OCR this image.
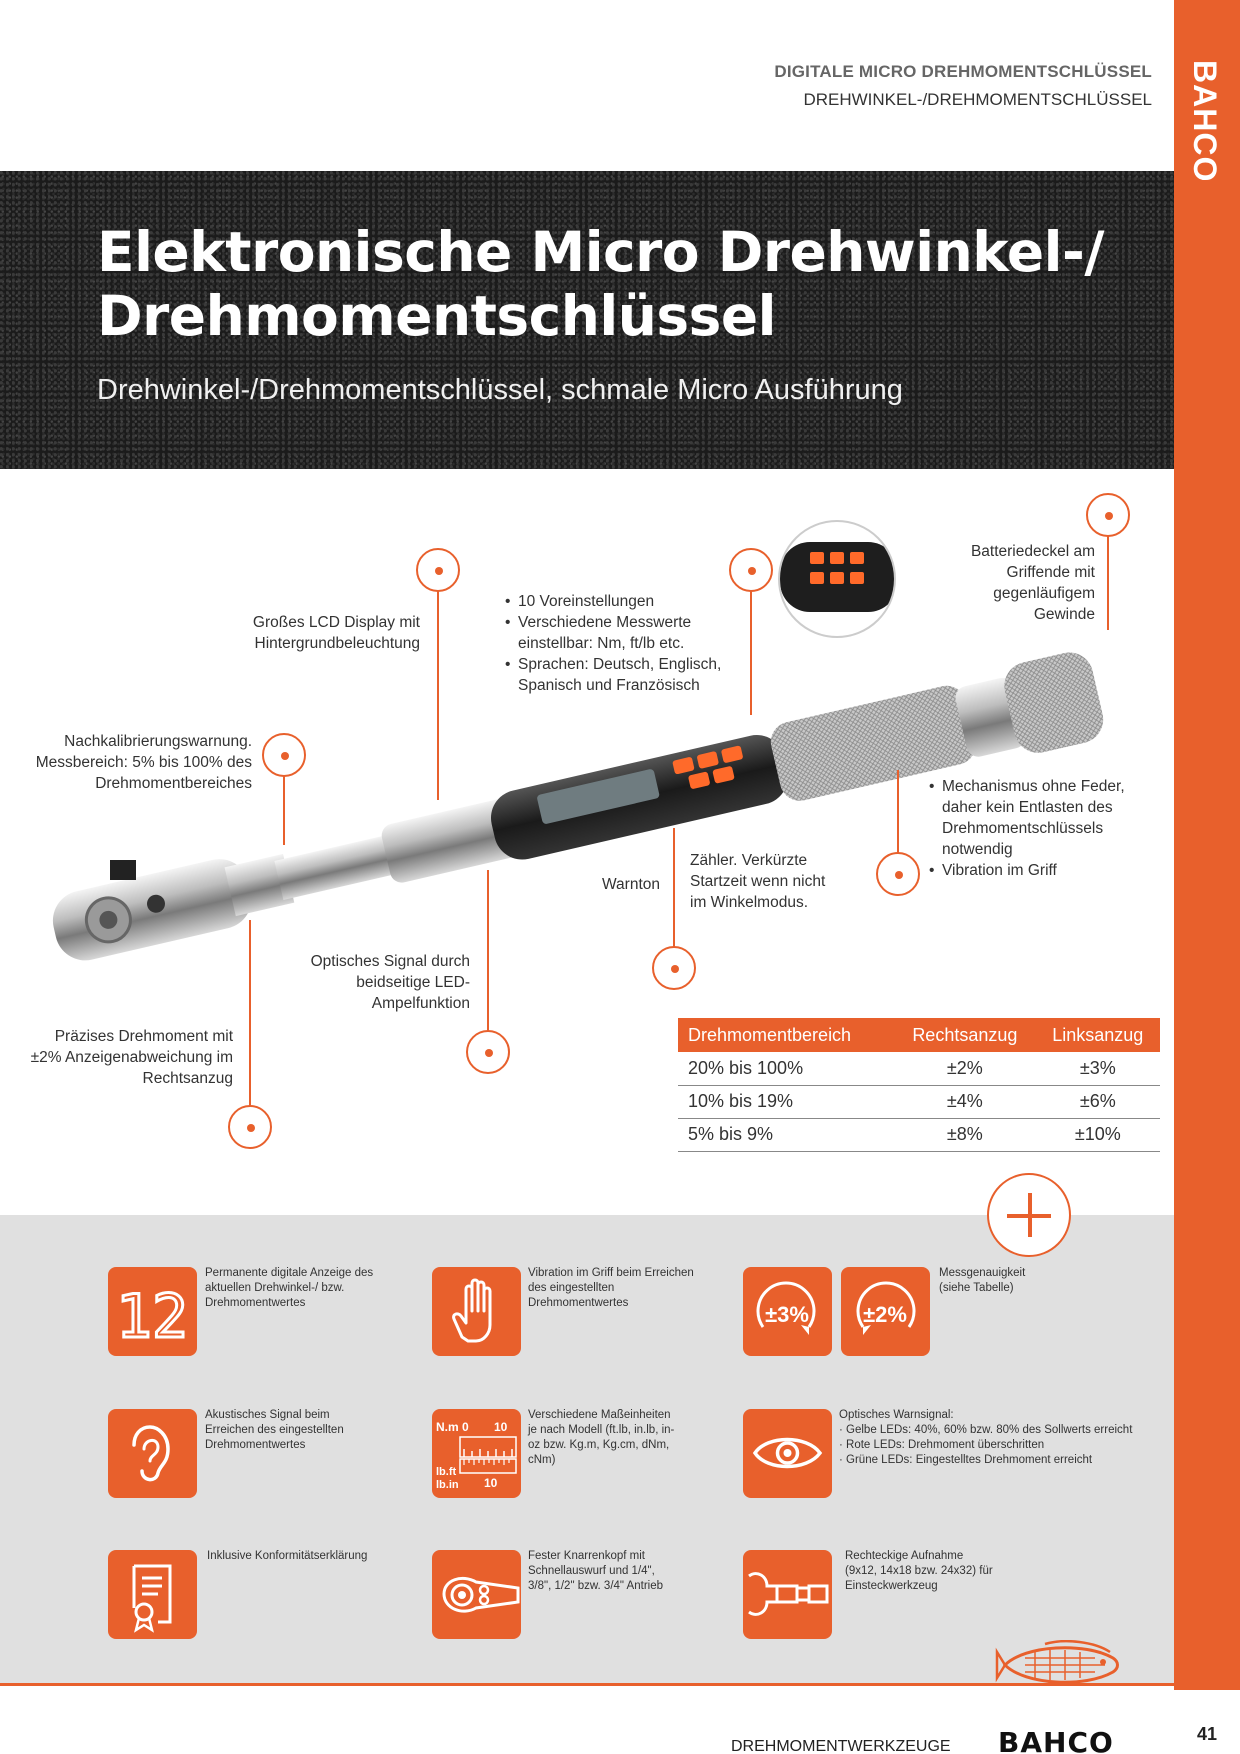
BAHCO
DIGITALE MICRO DREHMOMENTSCHLÜSSEL
DREHWINKEL-/DREHMOMENTSCHLÜSSEL
Elektronische Micro Drehwinkel-/ Drehmomentschlüssel
Drehwinkel-/Drehmomentschlüssel, schmale Micro Ausführung
Großes LCD Display mit Hintergrundbeleuchtung
• 10 Voreinstellungen
• Verschiedene Messwerte einstellbar: Nm, ft/lb etc.
• Sprachen: Deutsch, Englisch, Spanisch und Französisch
Batteriedeckel am Griffende mit gegenläufigem Gewinde
Nachkalibrierungswarnung. Messbereich: 5% bis 100% des Drehmomentbereiches	• Mechanismus ohne Feder, daher kein Entlasten des Drehmomentschlüssels notwendig
• Vibration im Griff
Zähler. Verkürzte Startzeit wenn nicht im Winkelmodus.
Warnton
Optisches Signal durch beidseitige LED-Ampelfunktion
Präzises Drehmoment mit ±2% Anzeigenabweichung im Rechtsanzug
Drehmomentbereich	Rechtsanzug	Linksanzug
20% bis 100%	±2%	±3%
10% bis 19%	±4%	±6%
5% bis 9%	±8%	±10%
12
Permanente digitale Anzeige des aktuellen Drehwinkel-/ bzw. Drehmomentwertes
Vibration im Griff beim Erreichen des eingestellten Drehmomentwertes	±3% ±2%
Messgenauigkeit (siehe Tabelle)
Akustisches Signal beim Erreichen des eingestellten Drehmomentwertes
N.m 0 10
lb.ft
lb.in 10
Verschiedene Maßeinheiten je nach Modell (ft.lb, in.lb, in-oz bzw. Kg.m, Kg.cm, dNm, cNm)
Optisches Warnsignal:
· Gelbe LEDs: 40%, 60% bzw. 80% des Sollwerts erreicht
· Rote LEDs: Drehmoment überschritten
· Grüne LEDs: Eingestelltes Drehmoment erreicht
Inklusive Konformitätserklärung	Fester Knarrenkopf mit Schnellauswurf und 1/4", 3/8", 1/2" bzw. 3/4" Antrieb
Rechteckige Aufnahme (9x12, 14x18 bzw. 24x32) für Einsteckwerkzeug
DREHMOMENTWERKZEUGE BAHCO	41
